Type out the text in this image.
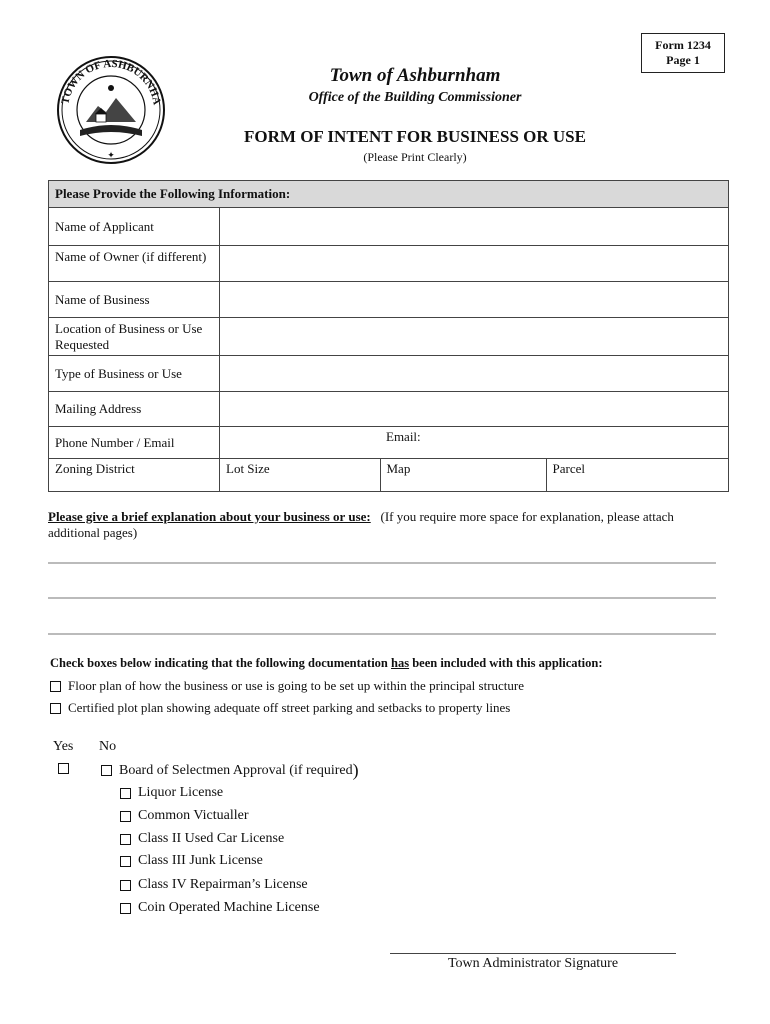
Form 1234
Page 1
TOWN OF ASHBURNHA
✦
Town of Ashburnham
Office of the Building Commissioner
FORM OF INTENT FOR BUSINESS OR USE
(Please Print Clearly)
Please Provide the Following Information:
Name of Applicant	
Name of Owner (if different)	
Name of Business	
Location of Business or Use Requested	
Type of Business or Use	
Mailing Address	
Phone Number / Email	
		Email:

Zoning District		Lot Size	Map	Parcel
Please give a brief explanation about your business or use: (If you require more space for explanation, please attach additional pages)
Check boxes below indicating that the following documentation has been included with this application:
Floor plan of how the business or use is going to be set up within the principal structure
Certified plot plan showing adequate off street parking and setbacks to property lines
Yes No
Board of Selectmen Approval (if required )
Liquor License
Common Victualler
Class II Used Car License
Class III Junk License
Class IV Repairman’s License
Coin Operated Machine License
Town Administrator Signature
